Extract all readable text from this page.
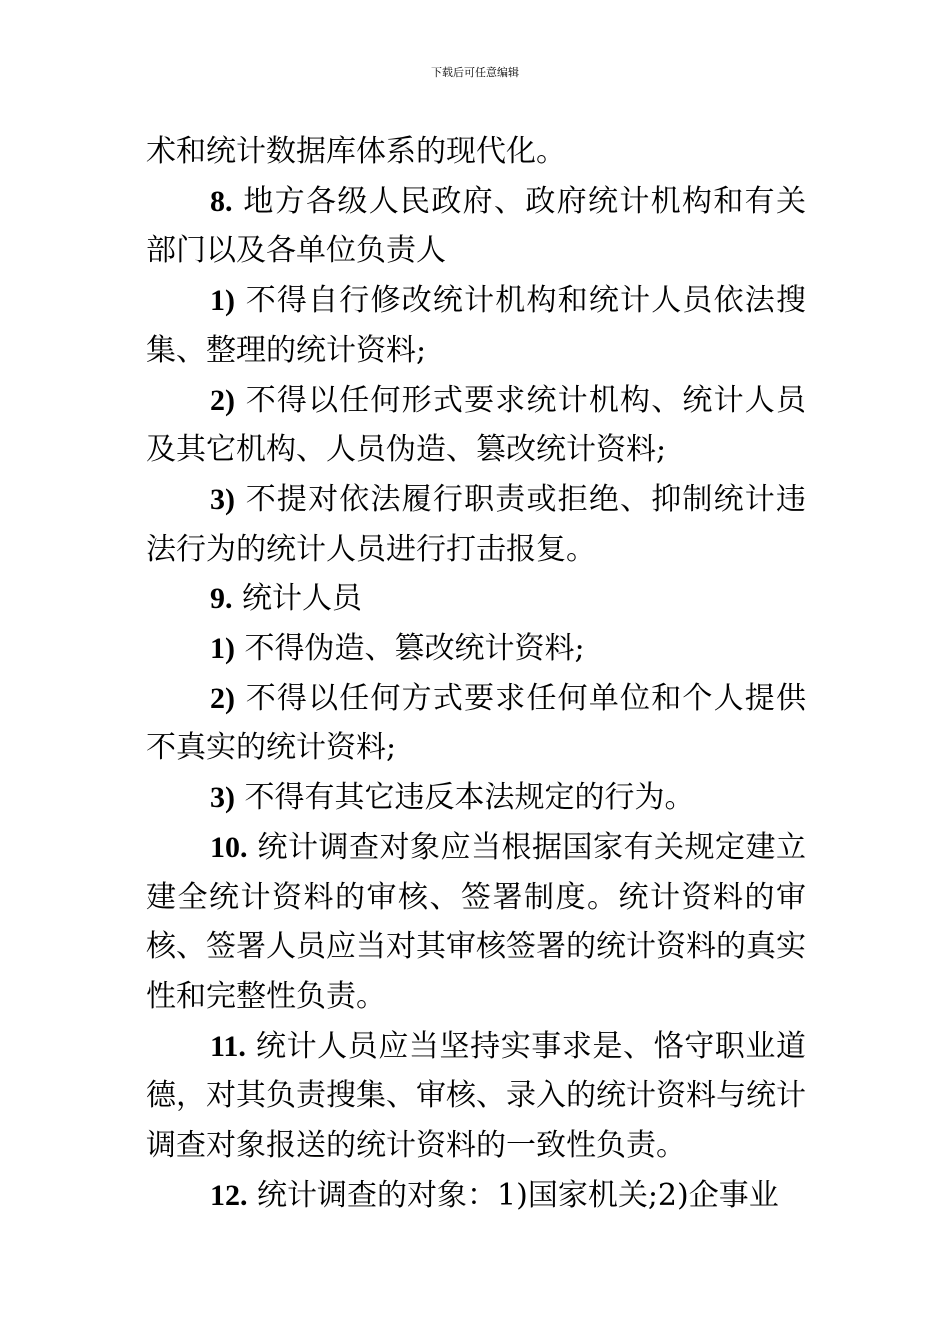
下载后可任意编辑

术和统计数据库体系的现代化。

8. 地方各级人民政府、政府统计机构和有关部门以及各单位负责人

1) 不得自行修改统计机构和统计人员依法搜集、整理的统计资料;

2) 不得以任何形式要求统计机构、统计人员及其它机构、人员伪造、篡改统计资料;

3) 不提对依法履行职责或拒绝、抑制统计违法行为的统计人员进行打击报复。

9. 统计人员

1) 不得伪造、篡改统计资料;

2) 不得以任何方式要求任何单位和个人提供不真实的统计资料;

3) 不得有其它违反本法规定的行为。

10. 统计调查对象应当根据国家有关规定建立建全统计资料的审核、签署制度。统计资料的审核、签署人员应当对其审核签署的统计资料的真实性和完整性负责。

11. 统计人员应当坚持实事求是、恪守职业道德，对其负责搜集、审核、录入的统计资料与统计调查对象报送的统计资料的一致性负责。

12. 统计调查的对象：1)国家机关;2)企事业
